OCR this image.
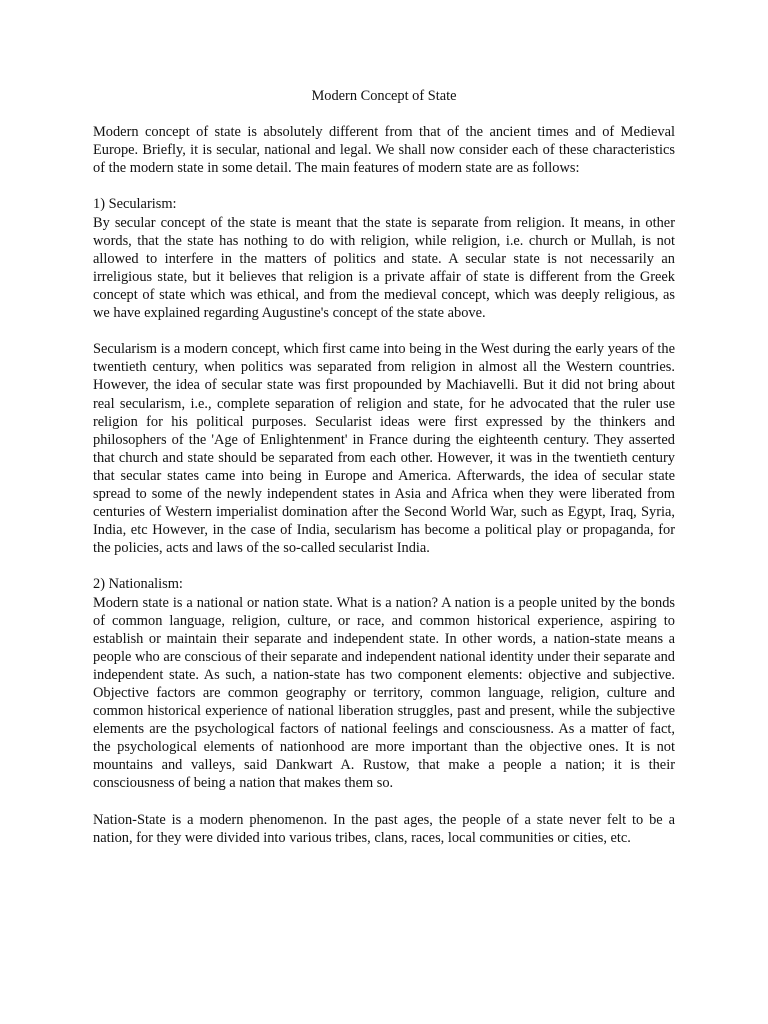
Modern Concept of State

Modern concept of state is absolutely different from that of the ancient times and of Medieval Europe. Briefly, it is secular, national and legal. We shall now consider each of these characteristics of the modern state in some detail. The main features of modern state are as follows:

1) Secularism:

By secular concept of the state is meant that the state is separate from religion. It means, in other words, that the state has nothing to do with religion, while religion, i.e. church or Mullah, is not allowed to interfere in the matters of politics and state. A secular state is not necessarily an irreligious state, but it believes that religion is a private affair of state is different from the Greek concept of state which was ethical, and from the medieval concept, which was deeply religious, as we have explained regarding Augustine's concept of the state above.

Secularism is a modern concept, which first came into being in the West during the early years of the twentieth century, when politics was separated from religion in almost all the Western countries. However, the idea of secular state was first propounded by Machiavelli. But it did not bring about real secularism, i.e., complete separation of religion and state, for he advocated that the ruler use religion for his political purposes. Secularist ideas were first expressed by the thinkers and philosophers of the 'Age of Enlightenment' in France during the eighteenth century. They asserted that church and state should be separated from each other. However, it was in the twentieth century that secular states came into being in Europe and America. Afterwards, the idea of secular state spread to some of the newly independent states in Asia and Africa when they were liberated from centuries of Western imperialist domination after the Second World War, such as Egypt, Iraq, Syria, India, etc However, in the case of India, secularism has become a political play or propaganda, for the policies, acts and laws of the so-called secularist India.

2) Nationalism:

Modern state is a national or nation state. What is a nation? A nation is a people united by the bonds of common language, religion, culture, or race, and common historical experience, aspiring to establish or maintain their separate and independent state. In other words, a nation-state means a people who are conscious of their separate and independent national identity under their separate and independent state. As such, a nation-state has two component elements: objective and subjective. Objective factors are common geography or territory, common language, religion, culture and common historical experience of national liberation struggles, past and present, while the subjective elements are the psychological factors of national feelings and consciousness. As a matter of fact, the psychological elements of nationhood are more important than the objective ones. It is not mountains and valleys, said Dankwart A. Rustow, that make a people a nation; it is their consciousness of being a nation that makes them so.

Nation-State is a modern phenomenon. In the past ages, the people of a state never felt to be a nation, for they were divided into various tribes, clans, races, local communities or cities, etc.
